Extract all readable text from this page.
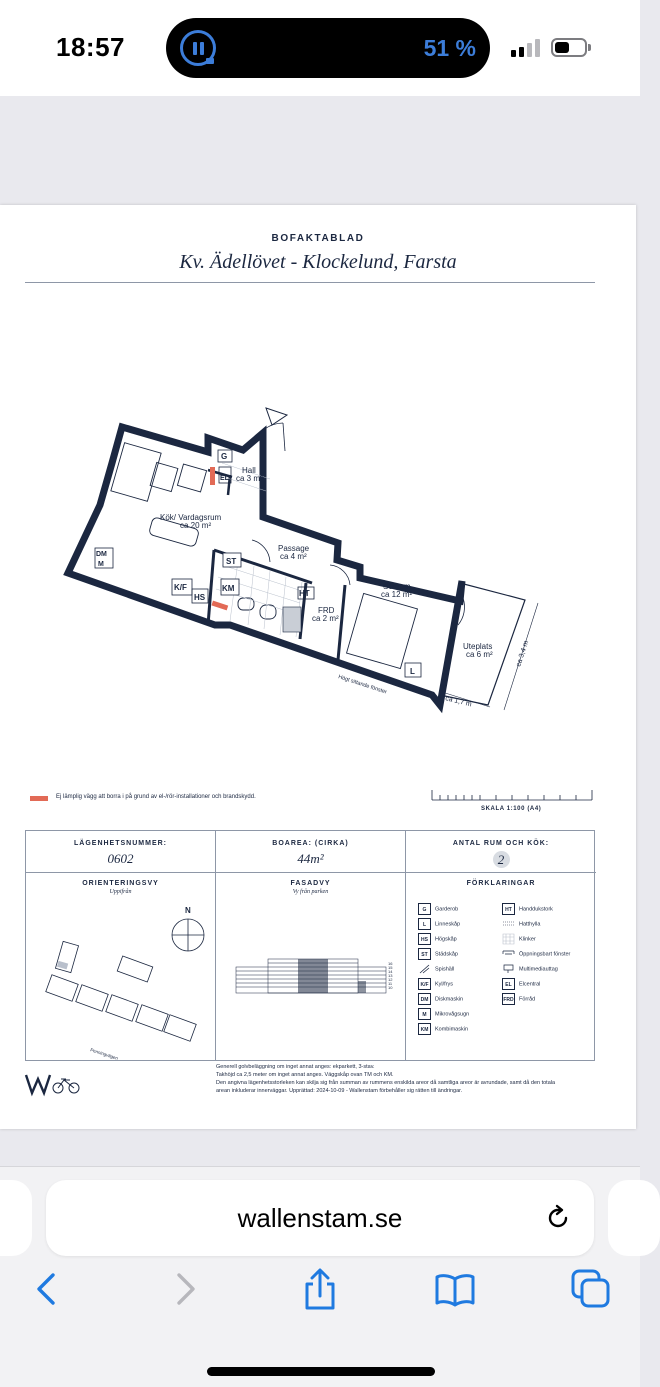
18:57	51 %
BOFAKTABLAD
Kv. Ädellövet - Klockelund, Farsta
G
EL
DM
M
K/F
HS
ST
KM
HT
L
Hall
ca 3 m²
Kök/ Vardagsrum
ca 20 m²
Passage
ca 4 m²
Sovrum
ca 12 m²
FRD
ca 2 m²
Uteplats
ca 6 m²	ca 3,4 m
ca 1,7 m
Högt sittande fönster
Ej lämplig vägg att borra i på grund av el-/rör-installationer och brandskydd.
SKALA 1:100 (A4)
LÄGENHETSNUMMER:
0602
BOAREA: (CIRKA)
44m²
ANTAL RUM OCH KÖK:
2
ORIENTERINGSVY
Uppifrån
N
Penningvägen
FASADVY
Vy från parken
16
15
14
13
12
11
10
FÖRKLARINGAR
G Garderob
L Linneskåp
HS Högskåp
ST Städskåp
Spishäll
K/F Kyl/frys
DM Diskmaskin
M Mikrovågsugn
KM Kombimaskin
HT Handdukstork
Hatthylla
Klinker
Öppningsbart fönster
Multimediauttag
EL Elcentral
FRD Förråd
Generell golvbeläggning om inget annat anges: ekparkett, 3-stav.
Takhöjd ca 2,5 meter om inget annat anges. Väggskåp ovan TM och KM.
Den angivna lägenhetsstorleken kan skilja sig från summan av rummens enskilda areor då samtliga areor är avrundade, samt då den totala
arean inkluderar innerväggar. Upprättad: 2024-10-09 - Wallenstam förbehåller sig rätten till ändringar.
wallenstam.se
